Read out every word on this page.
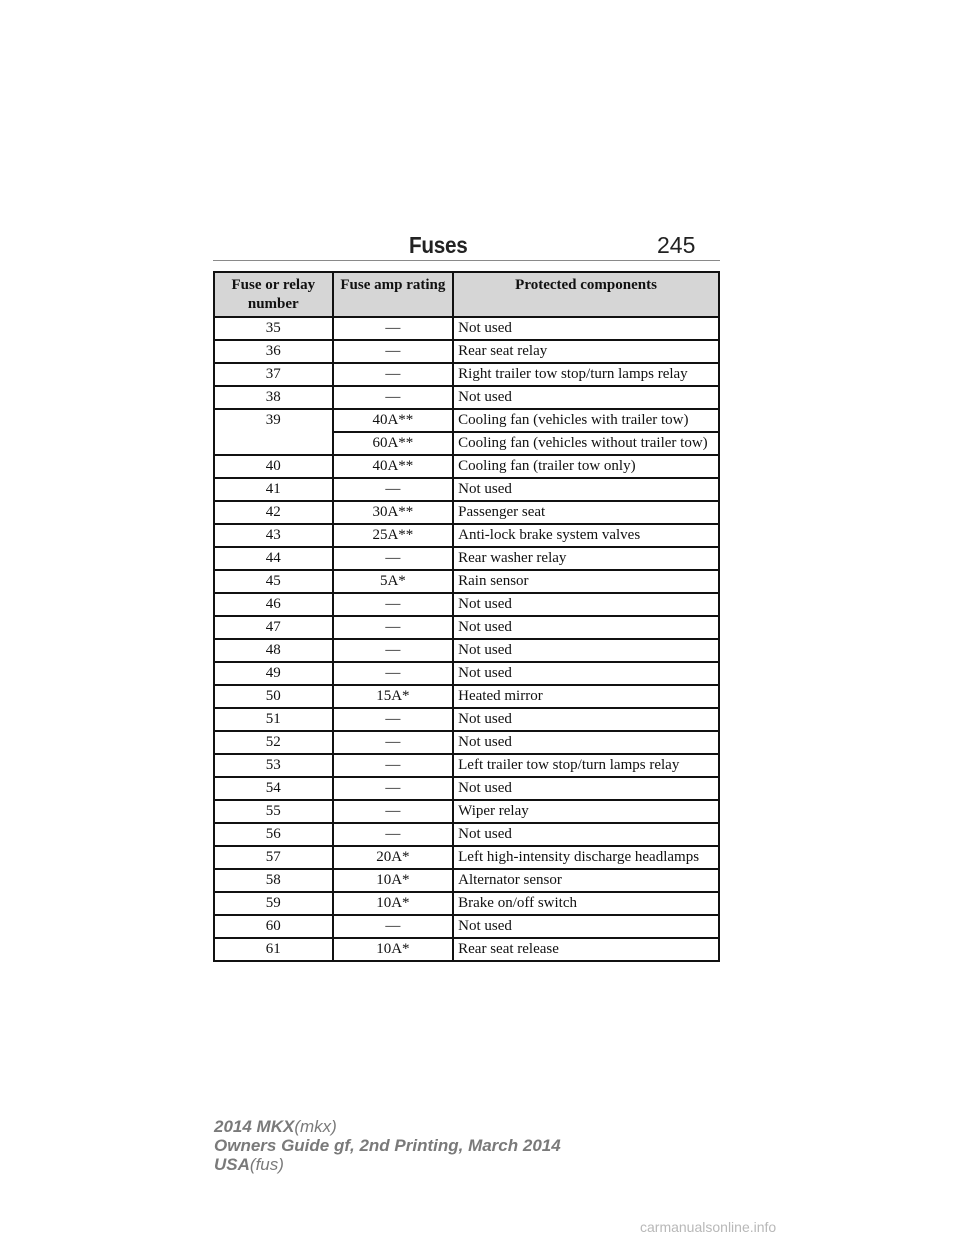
Fuses	245
Fuse or relay number	Fuse amp rating	Protected components
35	—	Not used
36	—	Rear seat relay
37	—	Right trailer tow stop/turn lamps relay
38	—	Not used
39	40A**	Cooling fan (vehicles with trailer tow)
	60A**	Cooling fan (vehicles without trailer tow)
40	40A**	Cooling fan (trailer tow only)
41	—	Not used
42	30A**	Passenger seat
43	25A**	Anti-lock brake system valves
44	—	Rear washer relay
45	5A*	Rain sensor
46	—	Not used
47	—	Not used
48	—	Not used
49	—	Not used
50	15A*	Heated mirror
51	—	Not used
52	—	Not used
53	—	Left trailer tow stop/turn lamps relay
54	—	Not used
55	—	Wiper relay
56	—	Not used
57	20A*	Left high-intensity discharge headlamps
58	10A*	Alternator sensor
59	10A*	Brake on/off switch
60	—	Not used
61	10A*	Rear seat release
2014 MKX(mkx)
Owners Guide gf, 2nd Printing, March 2014
USA(fus)
carmanualsonline.info
